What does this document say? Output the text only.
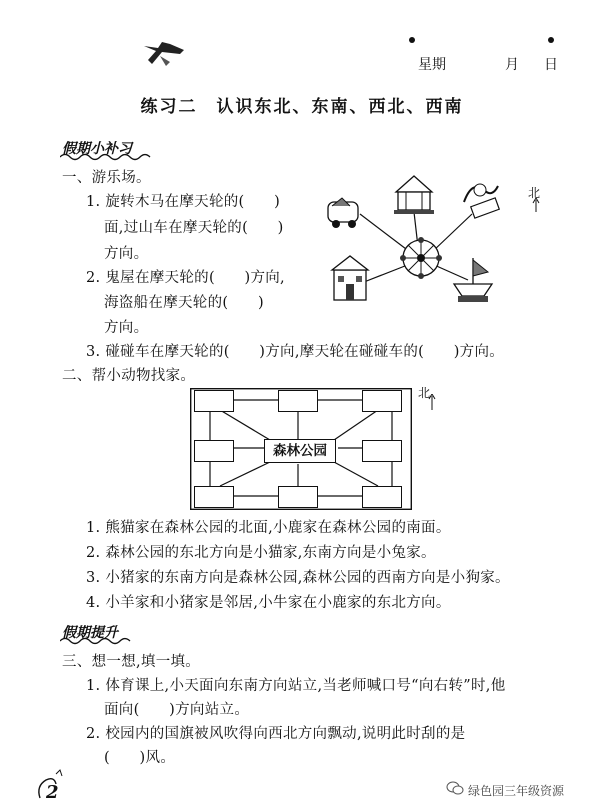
星期	月 日
练习二　认识东北、东南、西北、西南
假期小补习
一、游乐场。
1. 旋转木马在摩天轮的(　　)
面,过山车在摩天轮的(　　)
方向。
2. 鬼屋在摩天轮的(　　)方向,
海盗船在摩天轮的(　　)
方向。
3. 碰碰车在摩天轮的(　　)方向,摩天轮在碰碰车的(　　)方向。
北
二、帮小动物找家。
森林公园
北
1. 熊猫家在森林公园的北面,小鹿家在森林公园的南面。
2. 森林公园的东北方向是小猫家,东南方向是小兔家。
3. 小猪家的东南方向是森林公园,森林公园的西南方向是小狗家。
4. 小羊家和小猪家是邻居,小牛家在小鹿家的东北方向。
假期提升
三、想一想,填一填。
1. 体育课上,小天面向东南方向站立,当老师喊口号“向右转”时,他
面向(　　)方向站立。
2. 校园内的国旗被风吹得向西北方向飘动,说明此时刮的是
(　　)风。
2	绿色园三年级资源
